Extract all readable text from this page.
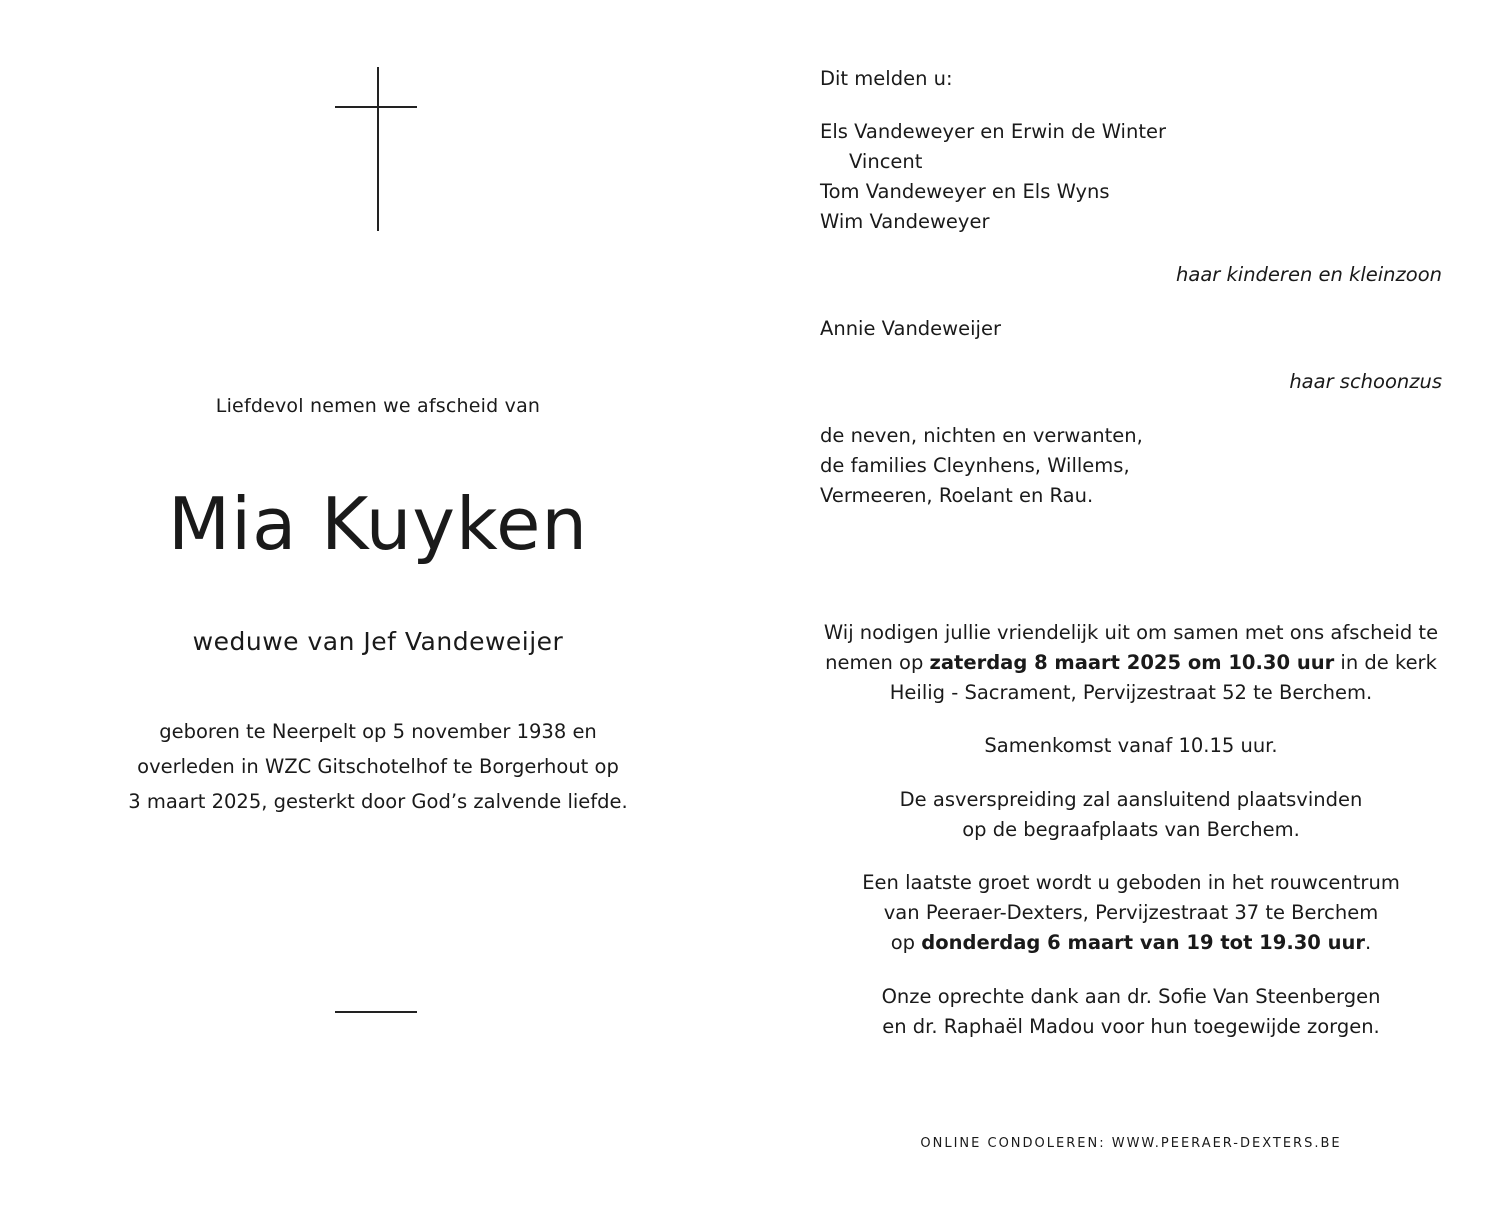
Liefdevol nemen we afscheid van
Mia Kuyken
weduwe van Jef Vandeweijer
geboren te Neerpelt op 5 november 1938 en
overleden in WZC Gitschotelhof te Borgerhout op
3 maart 2025, gesterkt door God’s zalvende liefde.
Dit melden u:
Els Vandeweyer en Erwin de Winter
Vincent
Tom Vandeweyer en Els Wyns
Wim Vandeweyer
haar kinderen en kleinzoon
Annie Vandeweijer
haar schoonzus
de neven, nichten en verwanten,
de families Cleynhens, Willems,
Vermeeren, Roelant en Rau.
Wij nodigen jullie vriendelijk uit om samen met ons afscheid te
nemen op zaterdag 8 maart 2025 om 10.30 uur in de kerk
Heilig - Sacrament, Pervijzestraat 52 te Berchem.
Samenkomst vanaf 10.15 uur.
De asverspreiding zal aansluitend plaatsvinden
op de begraafplaats van Berchem.
Een laatste groet wordt u geboden in het rouwcentrum
van Peeraer-Dexters, Pervijzestraat 37 te Berchem
op donderdag 6 maart van 19 tot 19.30 uur.
Onze oprechte dank aan dr. Sofie Van Steenbergen
en dr. Raphaël Madou voor hun toegewijde zorgen.
ONLINE CONDOLEREN: WWW.PEERAER-DEXTERS.BE
